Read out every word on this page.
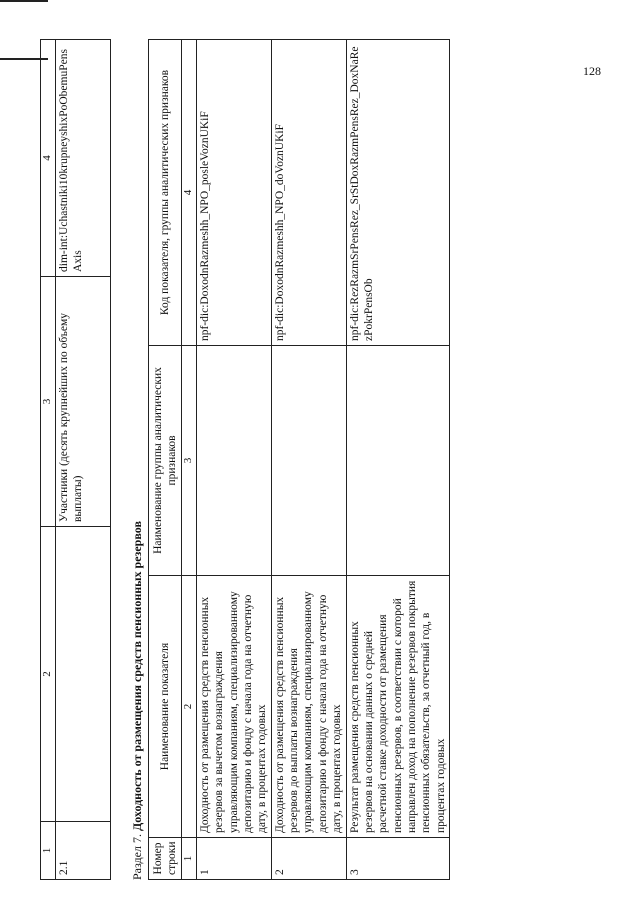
1	2	3	4
2.1		Участники (десять крупнейших по объему выплаты)	dim-int:Uchastniki10krupneyshixPoObemuPensAxis
Раздел 7. Доходность от размещения средств пенсионных резервов
Номер строки	Наименование показателя	Наименование группы аналитических признаков	Код показателя, группы аналитических признаков
1	2	3	4
1	Доходность от размещения средств пенсионных резервов за вычетом вознаграждения управляющим компаниям, специализированному депозитарию и фонду с начала года на отчетную дату, в процентах годовых		npf-dic:DoxodnRazmeshh_NPO_posleVoznUKiF
2	Доходность от размещения средств пенсионных резервов до выплаты вознаграждения управляющим компаниям, специализированному депозитарию и фонду с начала года на отчетную дату, в процентах годовых		npf-dic:DoxodnRazmeshh_NPO_doVoznUKiF
3	Результат размещения средств пенсионных резервов на основании данных о средней расчетной ставке доходности от размещения пенсионных резервов, в соответствии с которой направлен доход на пополнение резервов покрытия пенсионных обязательств, за отчетный год, в процентах годовых		npf-dic:RezRazmSrPensRez_SrStDoxRazmPensRez_DoxNaRezPokrPensOb
128
